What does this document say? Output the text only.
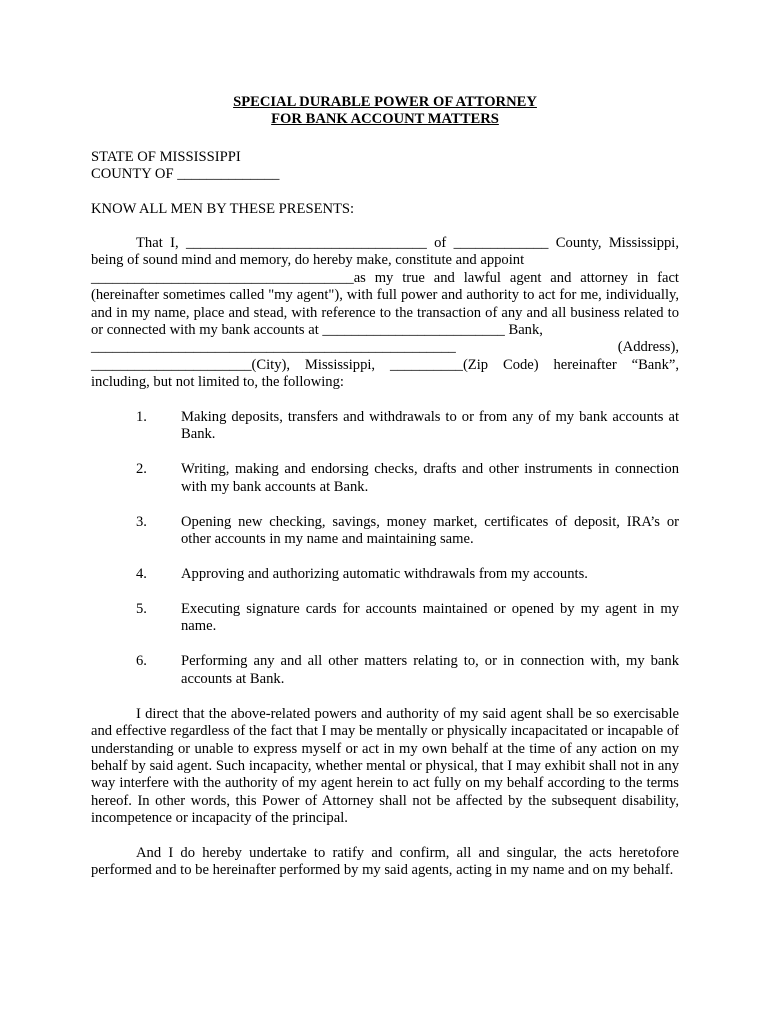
SPECIAL DURABLE POWER OF ATTORNEY

FOR BANK ACCOUNT MATTERS

STATE OF MISSISSIPPI

COUNTY OF ______________

KNOW ALL MEN BY THESE PRESENTS:

That I, _________________________________ of _____________ County, Mississippi, being of sound mind and memory, do hereby make, constitute and appoint

____________________________________as my true and lawful agent and attorney in fact (hereinafter sometimes called "my agent"), with full power and authority to act for me, individually, and in my name, place and stead, with reference to the transaction of any and all business related to or connected with my bank accounts at _________________________ Bank,

__________________________________________________ (Address),

______________________(City), Mississippi, __________(Zip Code) hereinafter “Bank”, including, but not limited to, the following:

1.	Making deposits, transfers and withdrawals to or from any of my bank accounts at Bank.
2.	Writing, making and endorsing checks, drafts and other instruments in connection with my bank accounts at Bank.
3.	Opening new checking, savings, money market, certificates of deposit, IRA’s or other accounts in my name and maintaining same.
4.	Approving and authorizing automatic withdrawals from my accounts.
5.	Executing signature cards for accounts maintained or opened by my agent in my name.
6.	Performing any and all other matters relating to, or in connection with, my bank accounts at Bank.

I direct that the above-related powers and authority of my said agent shall be so exercisable and effective regardless of the fact that I may be mentally or physically incapacitated or incapable of understanding or unable to express myself or act in my own behalf at the time of any action on my behalf by said agent. Such incapacity, whether mental or physical, that I may exhibit shall not in any way interfere with the authority of my agent herein to act fully on my behalf according to the terms hereof. In other words, this Power of Attorney shall not be affected by the subsequent disability, incompetence or incapacity of the principal.

And I do hereby undertake to ratify and confirm, all and singular, the acts heretofore performed and to be hereinafter performed by my said agents, acting in my name and on my behalf.
